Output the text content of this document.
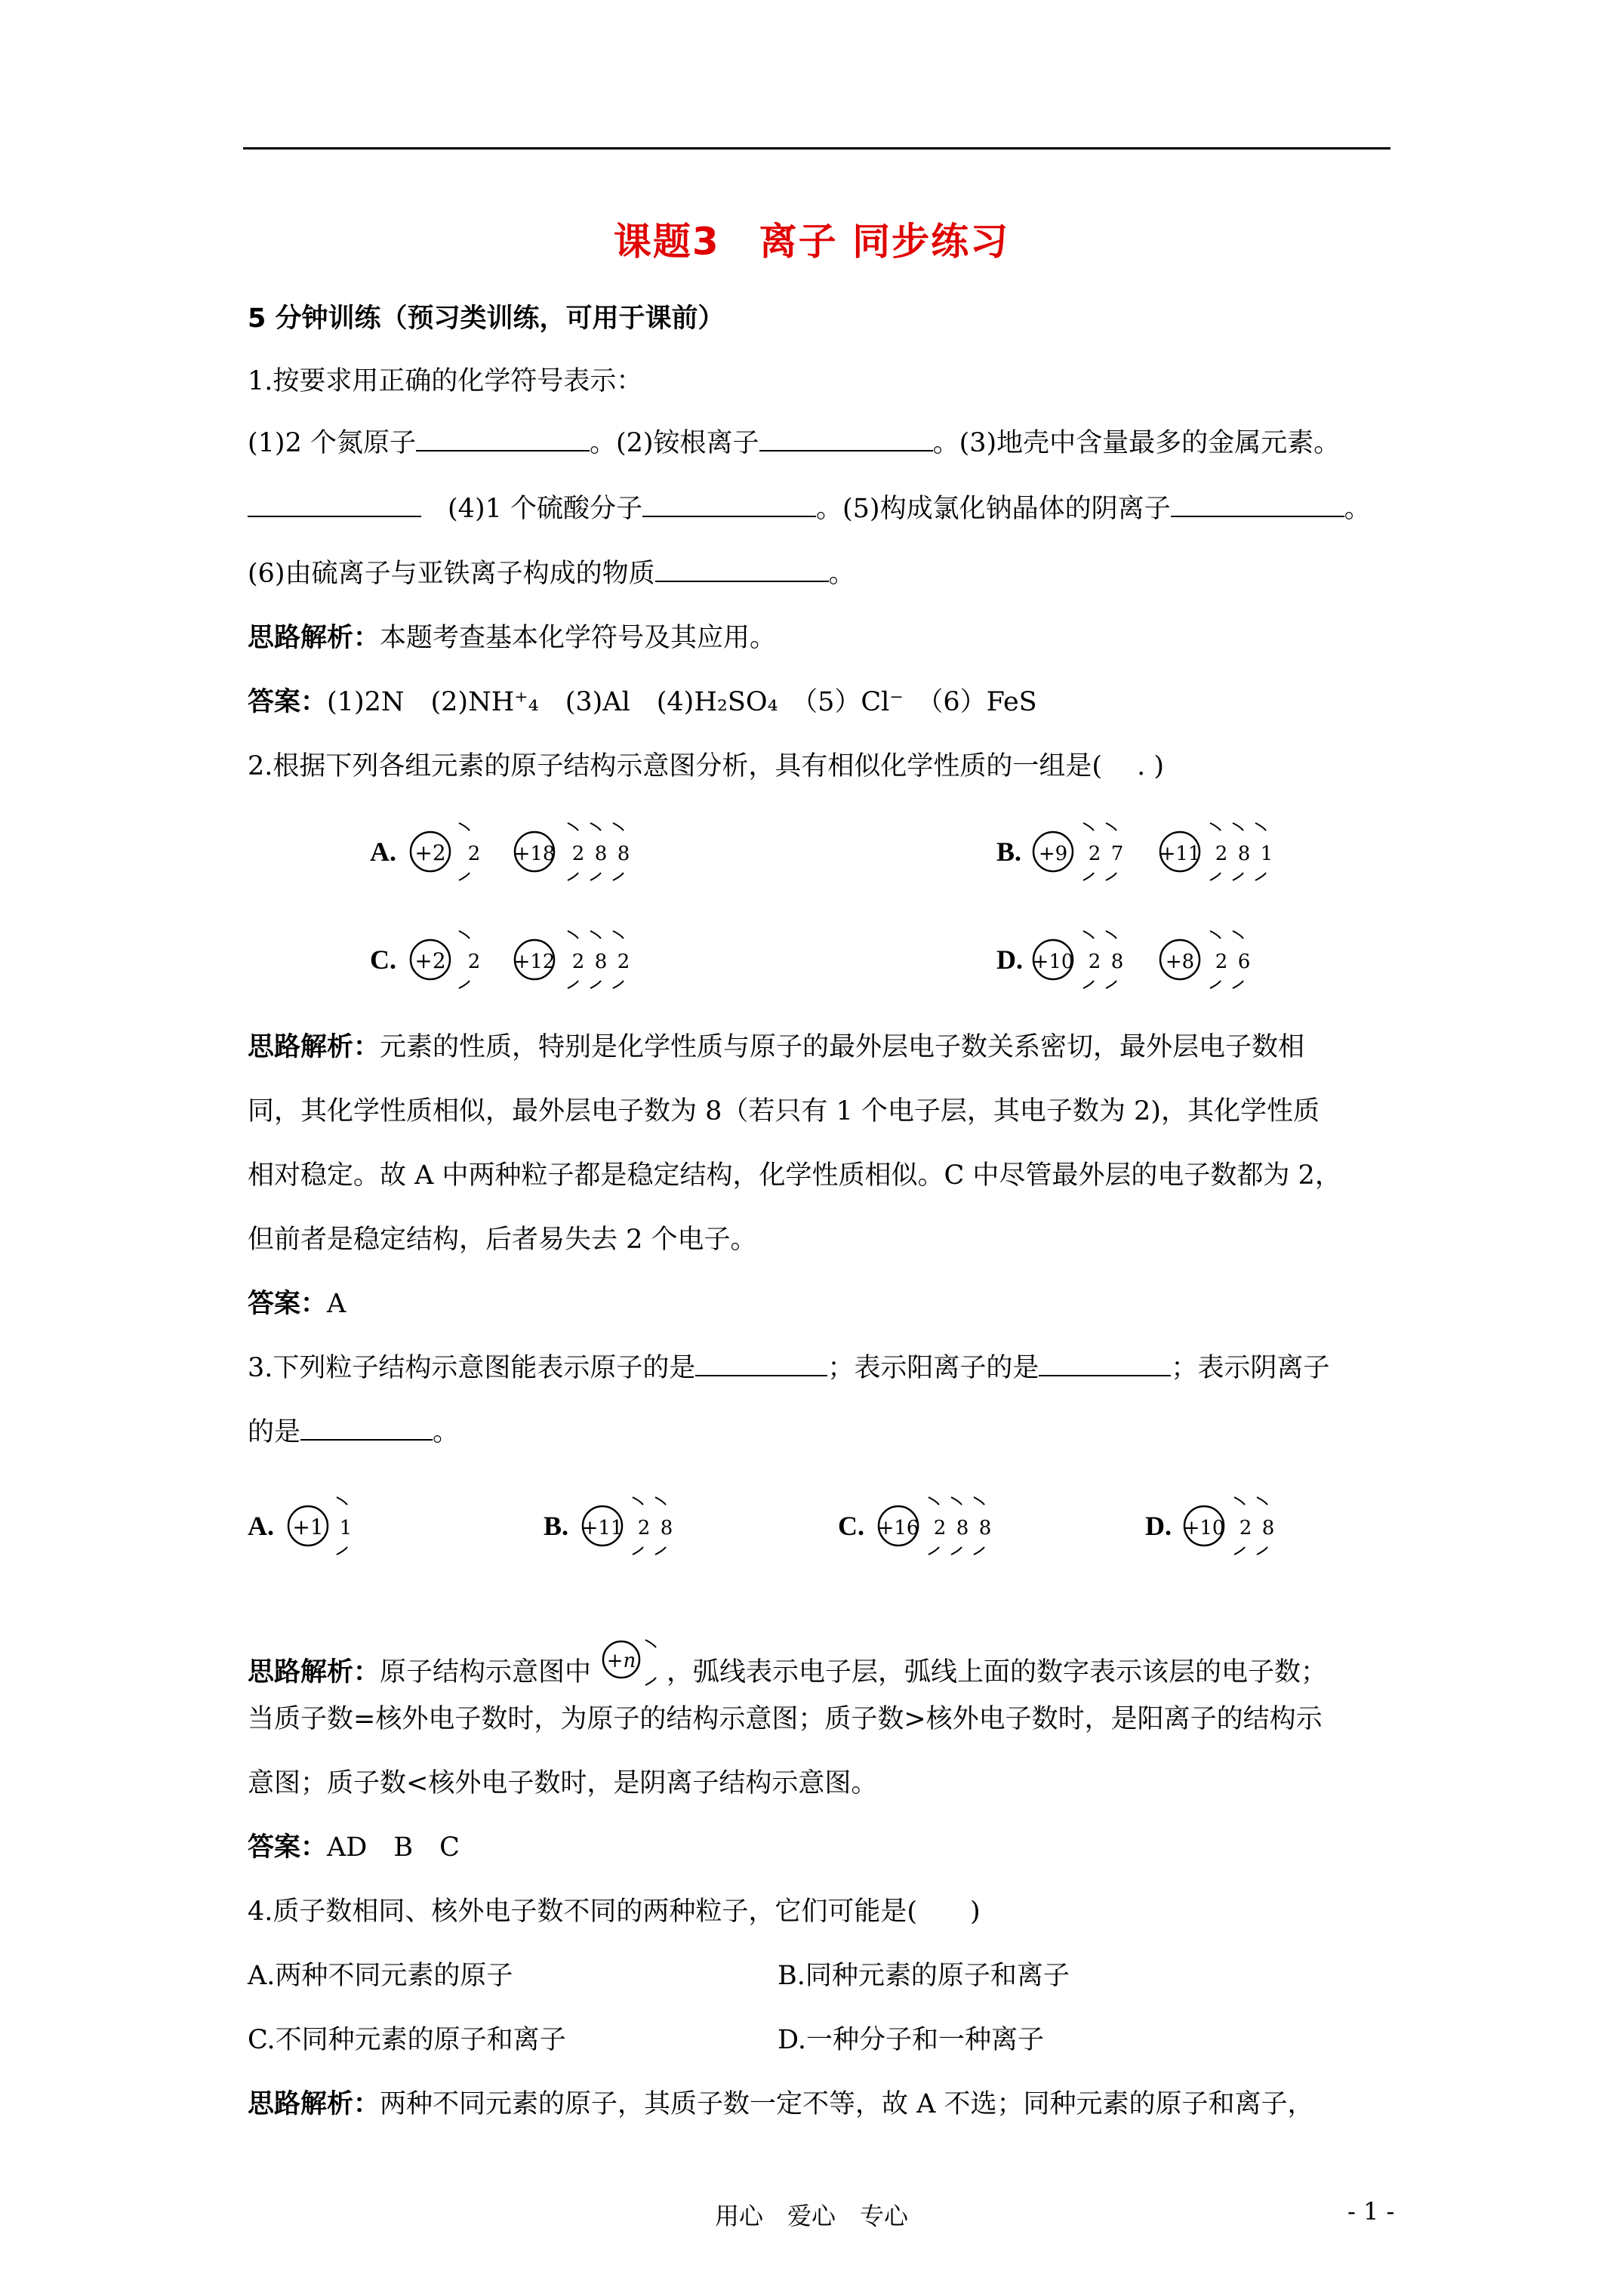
课题3　离子 同步练习
5 分钟训练（预习类训练，可用于课前）
1.按要求用正确的化学符号表示：
(1)2 个氮原子	。(2)铵根离子	。(3)地壳中含量最多的金属元素。
　(4)1 个硫酸分子	。(5)构成氯化钠晶体的阴离子	。
(6)由硫离子与亚铁离子构成的物质	。
思路解析：本题考查基本化学符号及其应用。
答案：(1)2N　(2)NH⁺₄　(3)Al　(4)H₂SO₄　（5）Cl⁻　（6）FeS
2.根据下列各组元素的原子结构示意图分析，具有相似化学性质的一组是(　 . )
A. +2 2 +18 2 8 8	B. +9 2 7 +11 2 8 1
C. +2 2 +12 2 8 2	D. +10 2 8 +8 2 6
思路解析：元素的性质，特别是化学性质与原子的最外层电子数关系密切，最外层电子数相
同，其化学性质相似，最外层电子数为 8（若只有 1 个电子层，其电子数为 2)，其化学性质
相对稳定。故 A 中两种粒子都是稳定结构，化学性质相似。C 中尽管最外层的电子数都为 2，
但前者是稳定结构，后者易失去 2 个电子。
答案：A
3.下列粒子结构示意图能表示原子的是	；表示阳离子的是	；表示阴离子
的是	。
A. +1 1	B. +11 2 8	C. +16 2 8 8	D. +10 2 8
思路解析：原子结构示意图中 +n ，弧线表示电子层，弧线上面的数字表示该层的电子数；
当质子数=核外电子数时，为原子的结构示意图；质子数>核外电子数时，是阳离子的结构示
意图；质子数<核外电子数时，是阴离子结构示意图。
答案：AD　B　C
4.质子数相同、核外电子数不同的两种粒子，它们可能是(　　)
A.两种不同元素的原子	B.同种元素的原子和离子
C.不同种元素的原子和离子	D.一种分子和一种离子
思路解析：两种不同元素的原子，其质子数一定不等，故 A 不选；同种元素的原子和离子，
用心　爱心　专心	- 1 -
